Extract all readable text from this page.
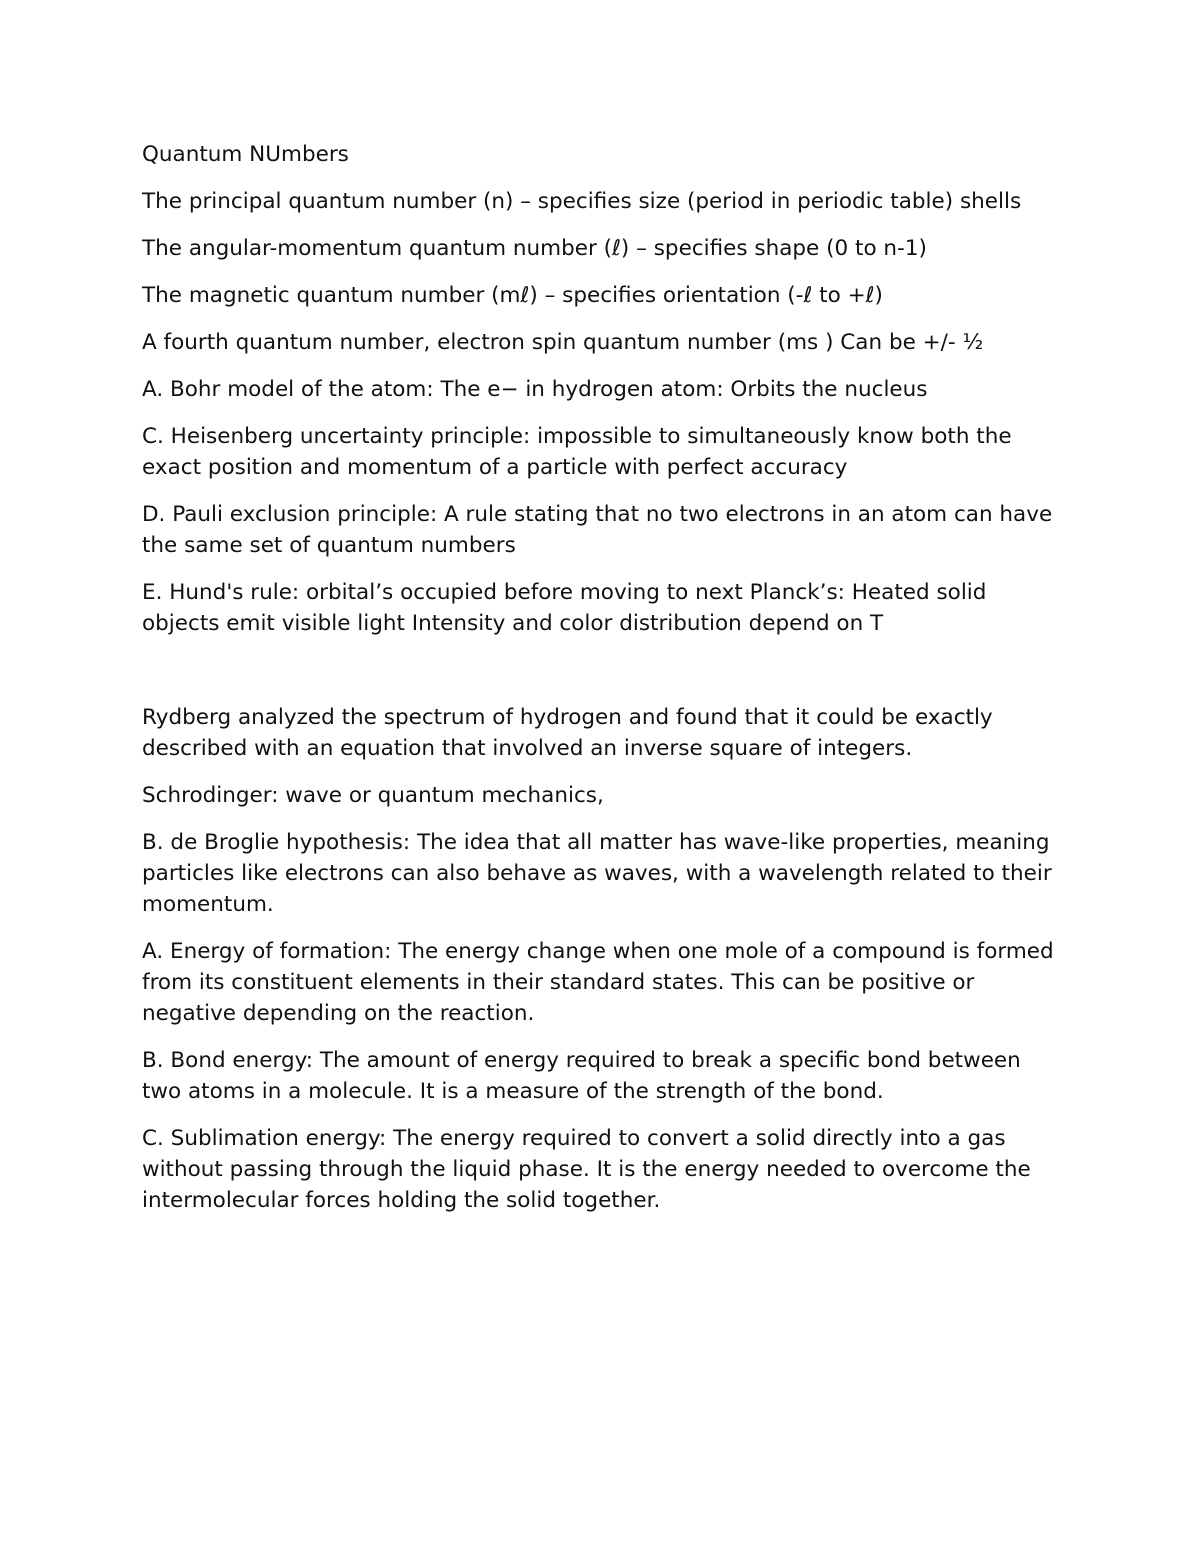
Quantum NUmbers

The principal quantum number (n) – specifies size (period in periodic table) shells

The angular-momentum quantum number (ℓ) – specifies shape (0 to n-1)

The magnetic quantum number (mℓ) – specifies orientation (-ℓ to +ℓ)

A fourth quantum number, electron spin quantum number (ms ) Can be +/- ½

A. Bohr model of the atom: The e− in hydrogen atom: Orbits the nucleus

C. Heisenberg uncertainty principle: impossible to simultaneously know both the exact position and momentum of a particle with perfect accuracy

D. Pauli exclusion principle: A rule stating that no two electrons in an atom can have the same set of quantum numbers

E. Hund's rule: orbital’s occupied before moving to next Planck’s: Heated solid objects emit visible light Intensity and color distribution depend on T

Rydberg analyzed the spectrum of hydrogen and found that it could be exactly described with an equation that involved an inverse square of integers.

Schrodinger: wave or quantum mechanics,

B. de Broglie hypothesis: The idea that all matter has wave-like properties, meaning particles like electrons can also behave as waves, with a wavelength related to their momentum.

A. Energy of formation: The energy change when one mole of a compound is formed from its constituent elements in their standard states. This can be positive or negative depending on the reaction.

B. Bond energy: The amount of energy required to break a specific bond between two atoms in a molecule. It is a measure of the strength of the bond.

C. Sublimation energy: The energy required to convert a solid directly into a gas without passing through the liquid phase. It is the energy needed to overcome the intermolecular forces holding the solid together.
